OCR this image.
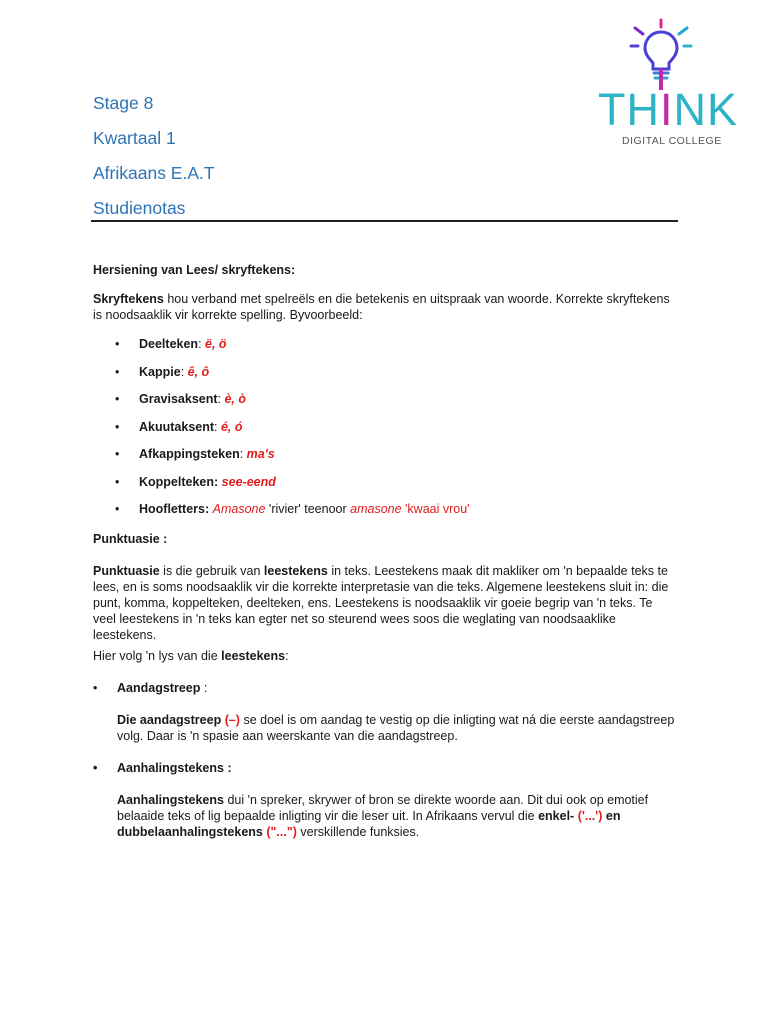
THINK
DIGITAL COLLEGE
Stage 8
Kwartaal 1
Afrikaans E.A.T
Studienotas

Hersiening van Lees/ skryftekens:

Skryftekens hou verband met spelreëls en die betekenis en uitspraak van woorde. Korrekte skryftekens is noodsaaklik vir korrekte spelling. Byvoorbeeld:

• Deelteken: ë, ö
• Kappie: ê, ô
• Gravisaksent: è, ò
• Akuutaksent: é, ó
• Afkappingsteken: ma's
• Koppelteken: see-eend
• Hoofletters: Amasone 'rivier' teenoor amasone 'kwaai vrou'

Punktuasie :

Punktuasie is die gebruik van leestekens in teks. Leestekens maak dit makliker om 'n bepaalde teks te lees, en is soms noodsaaklik vir die korrekte interpretasie van die teks. Algemene leestekens sluit in: die punt, komma, koppelteken, deelteken, ens. Leestekens is noodsaaklik vir goeie begrip van 'n teks. Te veel leestekens in 'n teks kan egter net so steurend wees soos die weglating van noodsaaklike leestekens.

Hier volg 'n lys van die leestekens:

• Aandagstreep :

Die aandagstreep (–) se doel is om aandag te vestig op die inligting wat ná die eerste aandagstreep volg. Daar is 'n spasie aan weerskante van die aandagstreep.

• Aanhalingstekens :

Aanhalingstekens dui 'n spreker, skrywer of bron se direkte woorde aan. Dit dui ook op emotief belaaide teks of lig bepaalde inligting vir die leser uit. In Afrikaans vervul die enkel- ('...') en dubbelaanhalingstekens ("...") verskillende funksies.
